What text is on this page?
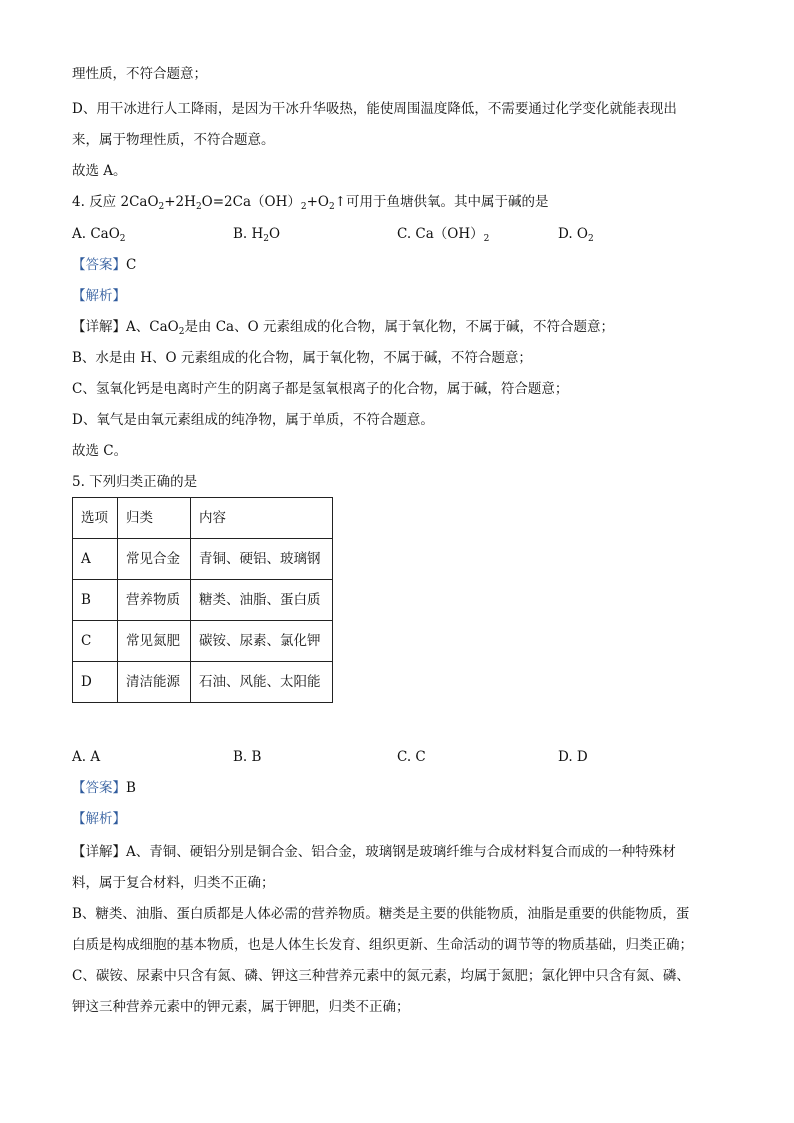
理性质，不符合题意；
D、用干冰进行人工降雨，是因为干冰升华吸热，能使周围温度降低，不需要通过化学变化就能表现出
来，属于物理性质，不符合题意。
故选 A。
4. 反应 $2CaO_2+2H_2O=2Ca(OH)_2+O_2↑$可用于鱼塘供氧。其中属于碱的是
A. CaO$_2$	B. $H_2O$	C. $Ca(OH)_2$	D. $O_2$
【答案】C
【解析】
【详解】A、CaO$_2$是由 Ca、O 元素组成的化合物，属于氧化物，不属于碱，不符合题意；
B、水是由 H、O 元素组成的化合物，属于氧化物，不属于碱，不符合题意；
C、氢氧化钙是电离时产生的阴离子都是氢氧根离子的化合物，属于碱，符合题意；
D、氧气是由氧元素组成的纯净物，属于单质，不符合题意。
故选 C。
5. 下列归类正确的是
选项	归类	内容
A	常见合金	青铜、硬铝、玻璃钢
B	营养物质	糖类、油脂、蛋白质
C	常见氮肥	碳铵、尿素、氯化钾
D	清洁能源	石油、风能、太阳能
A. A	B. B	C. C	D. D
【答案】B
【解析】
【详解】A、青铜、硬铝分别是铜合金、铝合金，玻璃钢是玻璃纤维与合成材料复合而成的一种特殊材
料，属于复合材料，归类不正确；
B、糖类、油脂、蛋白质都是人体必需的营养物质。糖类是主要的供能物质，油脂是重要的供能物质，蛋
白质是构成细胞的基本物质，也是人体生长发育、组织更新、生命活动的调节等的物质基础，归类正确；
C、碳铵、尿素中只含有氮、磷、钾这三种营养元素中的氮元素，均属于氮肥；氯化钾中只含有氮、磷、
钾这三种营养元素中的钾元素，属于钾肥，归类不正确；
